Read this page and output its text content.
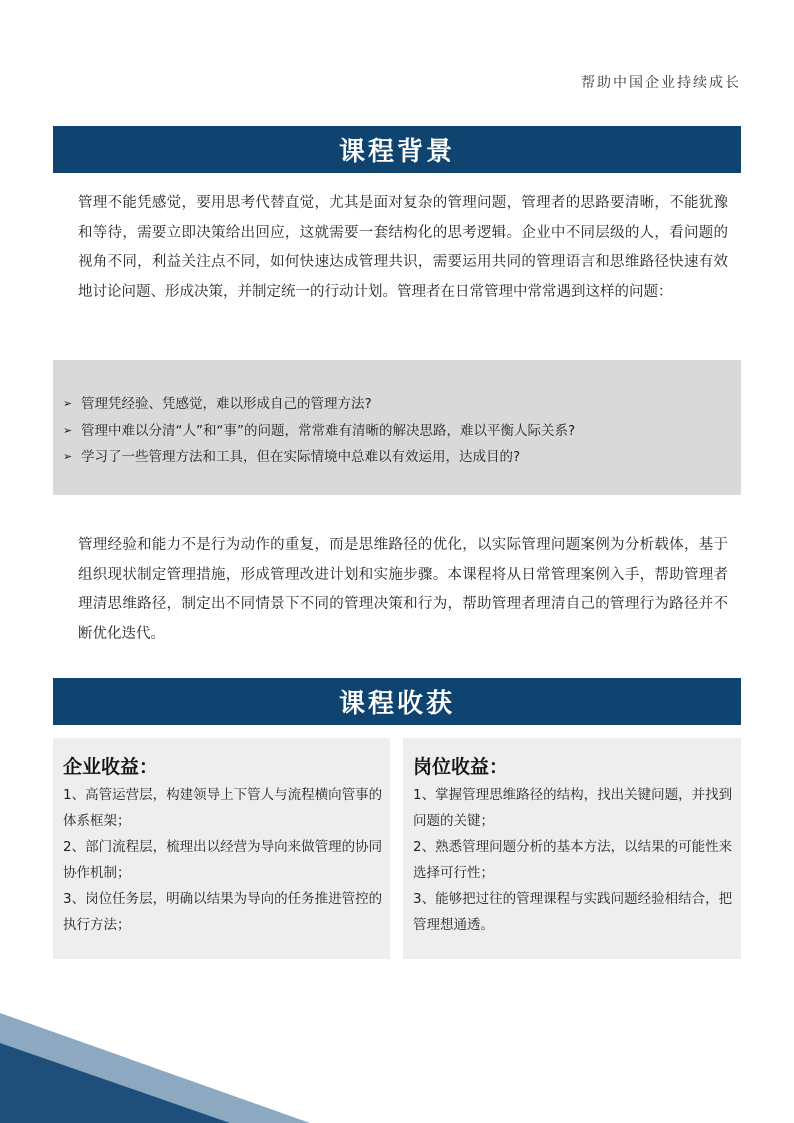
帮助中国企业持续成长
课程背景

管理不能凭感觉，要用思考代替直觉，尤其是面对复杂的管理问题，管理者的思路要清晰，不能犹豫和等待，需要立即决策给出回应，这就需要一套结构化的思考逻辑。企业中不同层级的人，看问题的视角不同，利益关注点不同，如何快速达成管理共识，需要运用共同的管理语言和思维路径快速有效地讨论问题、形成决策，并制定统一的行动计划。管理者在日常管理中常常遇到这样的问题：

➢ 管理凭经验、凭感觉，难以形成自己的管理方法?
➢ 管理中难以分清“人”和“事”的问题，常常难有清晰的解决思路，难以平衡人际关系?
➢ 学习了一些管理方法和工具，但在实际情境中总难以有效运用，达成目的?

管理经验和能力不是行为动作的重复，而是思维路径的优化，以实际管理问题案例为分析载体，基于组织现状制定管理措施，形成管理改进计划和实施步骤。本课程将从日常管理案例入手，帮助管理者理清思维路径，制定出不同情景下不同的管理决策和行为，帮助管理者理清自己的管理行为路径并不断优化迭代。

课程收获
企业收益：

1、高管运营层，构建领导上下管人与流程横向管事的体系框架；

2、部门流程层，梳理出以经营为导向来做管理的协同协作机制；

3、岗位任务层，明确以结果为导向的任务推进管控的执行方法；

岗位收益：

1、掌握管理思维路径的结构，找出关键问题，并找到问题的关键；

2、熟悉管理问题分析的基本方法，以结果的可能性来选择可行性；

3、能够把过往的管理课程与实践问题经验相结合，把管理想通透。
